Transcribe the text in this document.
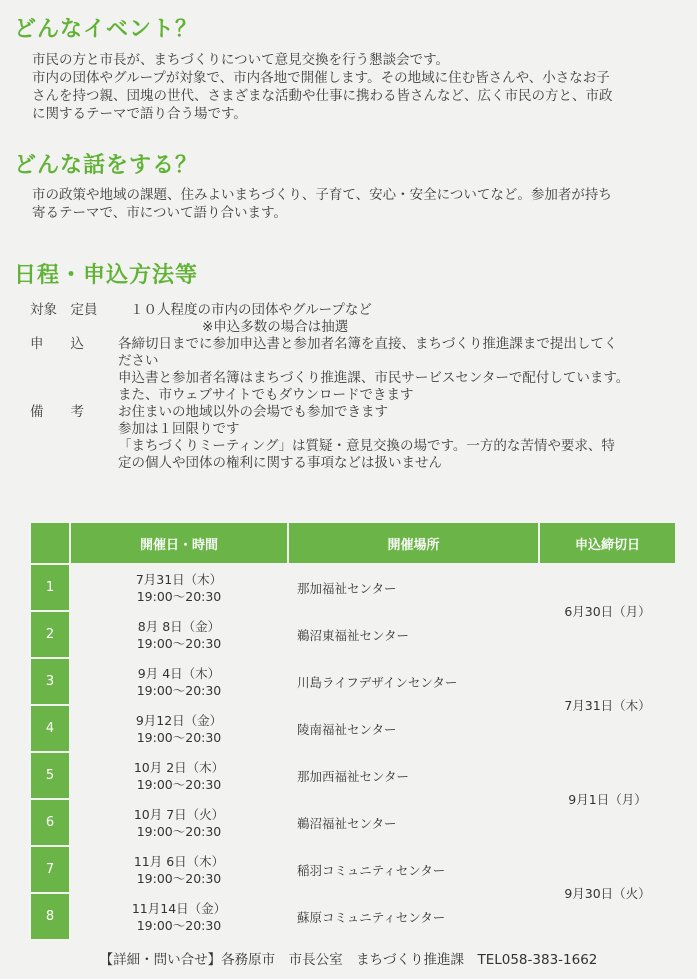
どんなイベント？
市民の方と市長が、まちづくりについて意見交換を行う懇談会です。
市内の団体やグループが対象で、市内各地で開催します。その地域に住む皆さんや、小さなお子
さんを持つ親、団塊の世代、さまざまな活動や仕事に携わる皆さんなど、広く市民の方と、市政
に関するテーマで語り合う場です。
どんな話をする？
市の政策や地域の課題、住みよいまちづくり、子育て、安心・安全についてなど。参加者が持ち
寄るテーマで、市について語り合います。
日程・申込方法等
対象　定員	１０人程度の市内の団体やグループなど
※申込多数の場合は抽選
申　　込	各締切日までに参加申込書と参加者名簿を直接、まちづくり推進課まで提出してく
ださい
申込書と参加者名簿はまちづくり推進課、市民サービスセンターで配付しています。
また、市ウェブサイトでもダウンロードできます
備　　考	お住まいの地域以外の会場でも参加できます
参加は１回限りです
「まちづくりミーティング」は質疑・意見交換の場です。一方的な苦情や要求、特
定の個人や団体の権利に関する事項などは扱いません
	開催日・時間	開催場所	申込締切日
1	7月31日（木）
19:00〜20:30	那加福祉センター	6月30日（月）
2	8月 8日（金）
19:00〜20:30	鵜沼東福祉センター	
3	9月 4日（木）
19:00〜20:30	川島ライフデザインセンター	7月31日（木）
4	9月12日（金）
19:00〜20:30	陵南福祉センター	
5	10月 2日（木）
19:00〜20:30	那加西福祉センター	9月1日（月）
6	10月 7日（火）
19:00〜20:30	鵜沼福祉センター	
7	11月 6日（木）
19:00〜20:30	稲羽コミュニティセンター	9月30日（火）
8	11月14日（金）
19:00〜20:30	蘇原コミュニティセンター	
【詳細・問い合せ】各務原市　市長公室　まちづくり推進課　TEL058-383-1662
